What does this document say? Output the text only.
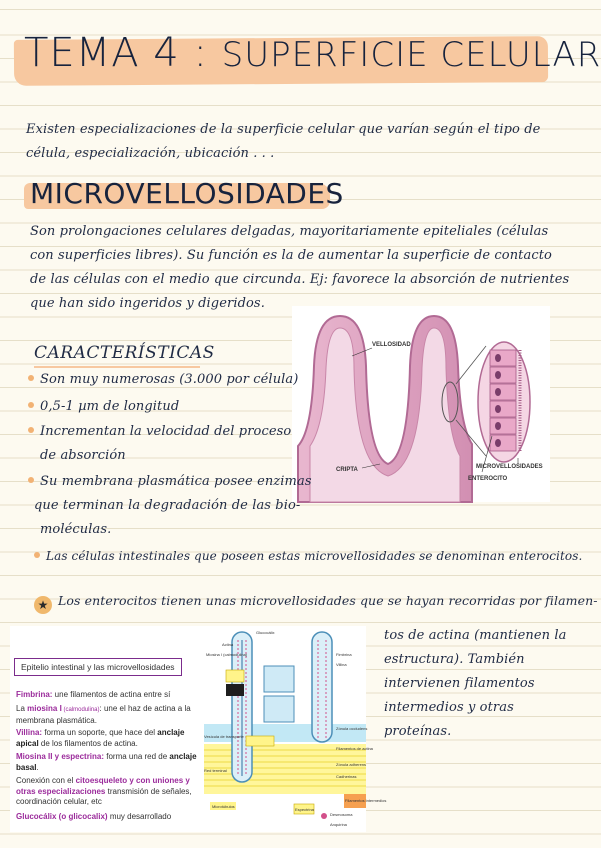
TEMA 4 : SUPERFICIE CELULAR
Existen especializaciones de la superficie celular que varían según el tipo de célula, especialización, ubicación . . .
MICROVELLOSIDADES
Son prolongaciones celulares delgadas, mayoritariamente epiteliales (células con superficies libres). Su función es la de aumentar la superficie de contacto de las células con el medio que circunda. Ej: favorece la absorción de nutrientes que han sido ingeridos y digeridos.
VELLOSIDAD
CRIPTA	MICROVELLOSIDADES
ENTEROCITO
CARACTERÍSTICAS
Son muy numerosas (3.000 por célula)
0,5-1 µm de longitud
Incrementan la velocidad del proceso
de absorción
Su membrana plasmática posee enzimas
que terminan la degradación de las bio-
moléculas.
Las células intestinales que poseen estas microvellosidades se denominan enterocitos.
★ Los enterocitos tienen unas microvellosidades que se hayan recorridas por filamen-
Epitelio intestinal y las microvellosidades
Fimbrina: une filamentos de actina entre sí
La miosina I (calmodulina): une el haz de actina a la membrana plasmática.
Villina: forma un soporte, que hace del anclaje apical de los filamentos de actina.
Miosina II y espectrina: forma una red de anclaje basal.
Conexión con el citoesqueleto y con uniones y otras especializaciones transmisión de señales, coordinación celular, etc
Glucocálix (o glicocalix) muy desarrollado
Glucocálix
Actina
Miosina I (calmodulina)	Fimbrina
Villina
Vesícula de transporte
Red terminal
Microtúbulos
Zónula occludens
Filamentos de actina
Zónula adherens
Cadherinas
Filamentos intermedios
Desmosoma
Anquirina
Espectrina
tos de actina (mantienen la estructura). También intervienen filamentos intermedios y otras proteínas.
